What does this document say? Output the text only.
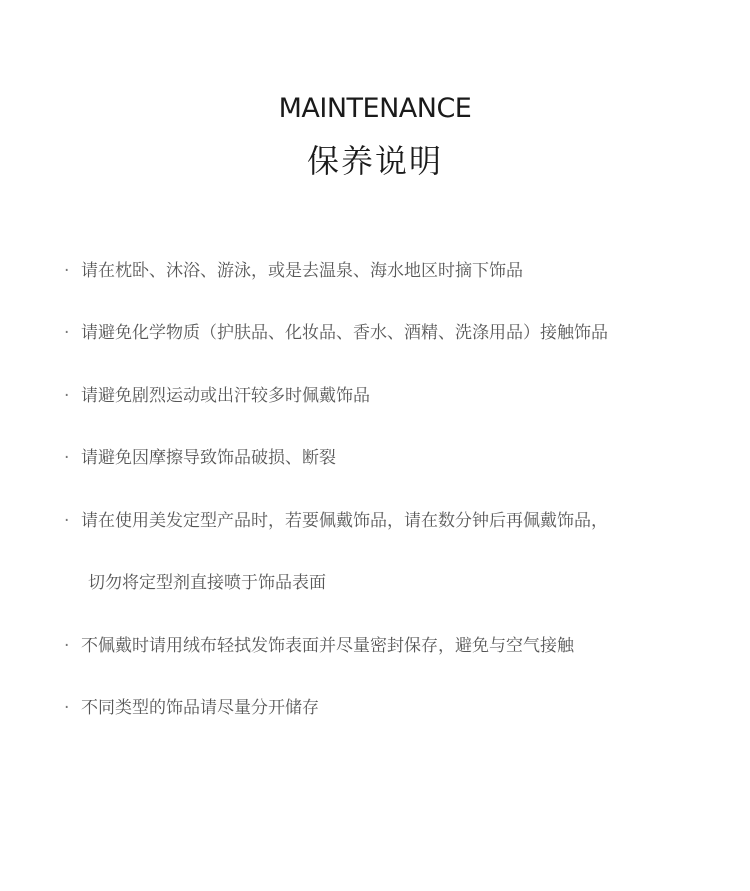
MAINTENANCE
保养说明
· 请在枕卧、沐浴、游泳，或是去温泉、海水地区时摘下饰品
· 请避免化学物质（护肤品、化妆品、香水、酒精、洗涤用品）接触饰品
· 请避免剧烈运动或出汗较多时佩戴饰品
· 请避免因摩擦导致饰品破损、断裂
· 请在使用美发定型产品时，若要佩戴饰品，请在数分钟后再佩戴饰品，
切勿将定型剂直接喷于饰品表面
· 不佩戴时请用绒布轻拭发饰表面并尽量密封保存，避免与空气接触
· 不同类型的饰品请尽量分开储存
